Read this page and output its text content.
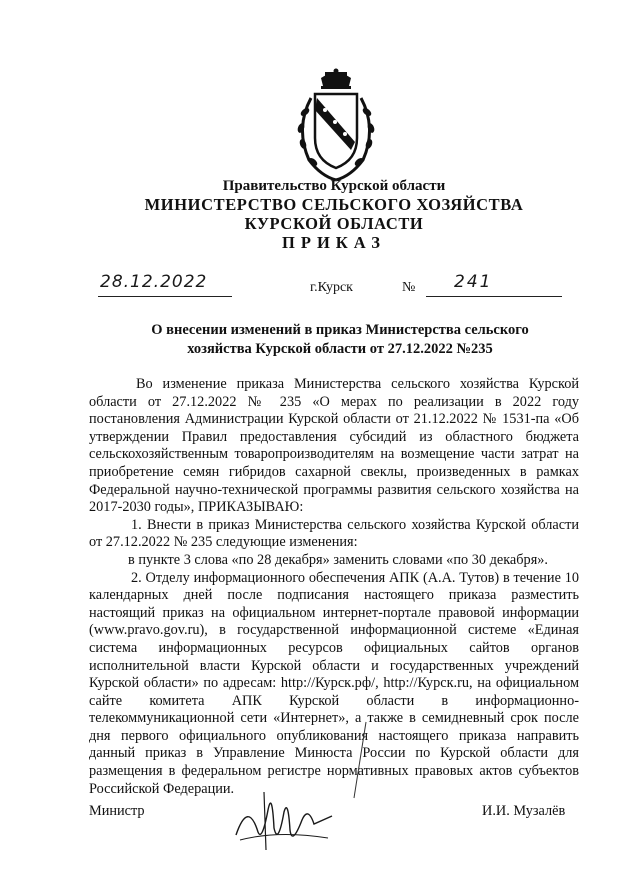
Правительство Курской области
МИНИСТЕРСТВО СЕЛЬСКОГО ХОЗЯЙСТВА
КУРСКОЙ ОБЛАСТИ
ПРИКАЗ
28.12.2022	г.Курск	№ 241
О внесении изменений в приказ Министерства сельского
хозяйства Курской области от 27.12.2022 №235

Во изменение приказа Министерства сельского хозяйства Курской области от 27.12.2022 № 235 «О мерах по реализации в 2022 году постановления Администрации Курской области от 21.12.2022 № 1531-па «Об утверждении Правил предоставления субсидий из областного бюджета сельскохозяйственным товаропроизводителям на возмещение части затрат на приобретение семян гибридов сахарной свеклы, произведенных в рамках Федеральной научно-технической программы развития сельского хозяйства на 2017-2030 годы», ПРИКАЗЫВАЮ:

1. Внести в приказ Министерства сельского хозяйства Курской области от 27.12.2022 № 235 следующие изменения:

в пункте 3 слова «по 28 декабря» заменить словами «по 30 декабря».

2. Отделу информационного обеспечения АПК (А.А. Тутов) в течение 10 календарных дней после подписания настоящего приказа разместить настоящий приказ на официальном интернет-портале правовой информации (www.pravo.gov.ru), в государственной информационной системе «Единая система информационных ресурсов официальных сайтов органов исполнительной власти Курской области и государственных учреждений Курской области» по адресам: http://Курск.рф/, http://Курск.ru, на официальном сайте комитета АПК Курской области в информационно-телекоммуникационной сети «Интернет», а также в семидневный срок после дня первого официального опубликования настоящего приказа направить данный приказ в Управление Минюста России по Курской области для размещения в федеральном регистре нормативных правовых актов субъектов Российской Федерации.

Министр	И.И. Музалёв
